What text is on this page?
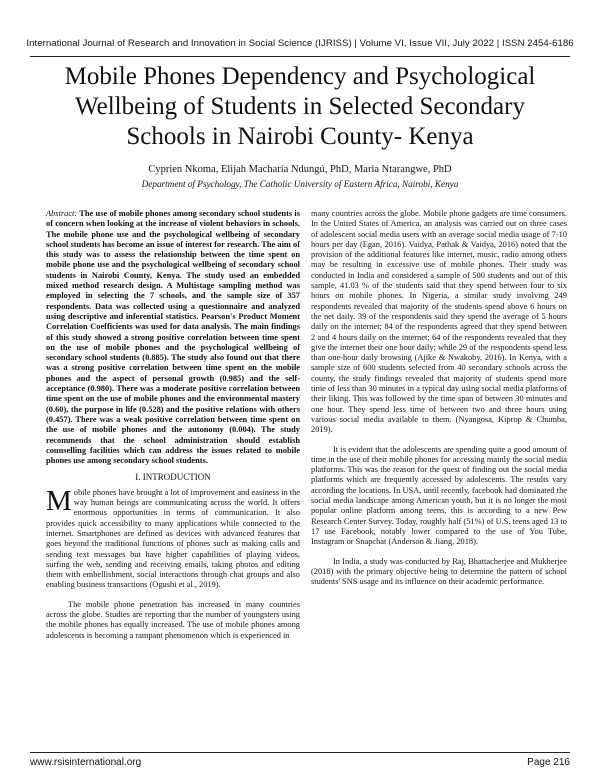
International Journal of Research and Innovation in Social Science (IJRISS) | Volume VI, Issue VII, July 2022 | ISSN 2454-6186
Mobile Phones Dependency and Psychological Wellbeing of Students in Selected Secondary Schools in Nairobi County- Kenya
Cyprien Nkoma, Elijah Macharia Ndungú, PhD, Maria Ntarangwe, PhD
Department of Psychology, The Catholic University of Eastern Africa, Nairobi, Kenya

Abstract: The use of mobile phones among secondary school students is of concern when looking at the increase of violent behaviors in schools. The mobile phone use and the psychological wellbeing of secondary school students has become an issue of interest for research. The aim of this study was to assess the relationship between the time spent on mobile phone use and the psychological wellbeing of secondary school students in Nairobi County, Kenya. The study used an embedded mixed method research design. A Multistage sampling method was employed in selecting the 7 schools, and the sample size of 357 respondents. Data was collected using a questionnaire and analyzed using descriptive and inferential statistics. Pearson's Product Moment Correlation Coefficients was used for data analysis. The main findings of this study showed a strong positive correlation between time spent on the use of mobile phones and the psychological wellbeing of secondary school students (0.885). The study also found out that there was a strong positive correlation between time spent on the mobile phones and the aspect of personal growth (0.985) and the self-acceptance (0.980). There was a moderate positive correlation between time spent on the use of mobile phones and the environmental mastery (0.60), the purpose in life (0.528) and the positive relations with others (0.457). There was a weak positive correlation between time spent on the use of mobile phones and the autonomy (0.004). The study recommends that the school administration should establish counselling facilities which can address the issues related to mobile phones use among secondary school students.

I. INTRODUCTION

Mobile phones have brought a lot of improvement and easiness in the way human beings are communicating across the world. It offers enormous opportunities in terms of communication. It also provides quick accessibility to many applications while connected to the internet. Smartphones are defined as devices with advanced features that goes beyond the traditional functions of phones such as making calls and sending text messages but have higher capabilities of playing videos, surfing the web, sending and receiving emails, taking photos and editing them with embellishment, social interactions through chat groups and also enabling business transactions (Ogushi et al., 2019).

The mobile phone penetration has increased in many countries across the globe. Studies are reporting that the number of youngsters using the mobile phones has equally increased. The use of mobile phones among adolescents is becoming a rampant phenomenon which is experienced in

many countries across the globe. Mobile phone gadgets are time consumers. In the United States of America, an analysis was carried out on three cases of adolescent social media users with an average social media usage of 7-10 hours per day (Egan, 2016). Vaidya, Pathak & Vaidya, 2016) noted that the provision of the additional features like internet, music, radio among others may be resulting in excessive use of mobile phones. Their study was conducted in India and considered a sample of 500 students and out of this sample, 41.03 % of the students said that they spend between four to six hours on mobile phones. In Nigeria, a similar study involving 249 respondents revealed that majority of the students spend above 6 hours on the net daily. 39 of the respondents said they spend the average of 5 hours daily on the internet; 84 of the respondents agreed that they spend between 2 and 4 hours daily on the internet; 64 of the respondents revealed that they give the internet their one hour daily; while 29 of the respondents spend less than one-hour daily browsing (Ajike & Nwakoby, 2016). In Kenya, with a sample size of 600 students selected from 40 secondary schools across the county, the study findings revealed that majority of students spend more time of less than 30 minutes in a typical day using social media platforms of their liking. This was followed by the time span of between 30 minutes and one hour. They spend less time of between two and three hours using various social media available to them. (Nyangosa, Kiprop & Chumba, 2019).

It is evident that the adolescents are spending quite a good amount of time in the use of their mobile phones for accessing mainly the social media platforms. This was the reason for the quest of finding out the social media platforms which are frequently accessed by adolescents. The results vary according the locations. In USA, until recently, facebook had dominated the social media landscape among American youth, but it is no longer the most popular online platform among teens, this is according to a new Pew Research Center Survey. Today, roughly half (51%) of U.S. teens aged 13 to 17 use Facebook, notably lower compared to the use of You Tube, Instagram or Snapchat (Anderson & Jiang, 2018).

In India, a study was conducted by Raj, Bhattacherjee and Mukherjee (2018) with the primary objective being to determine the pattern of school students' SNS usage and its influence on their academic performance.

www.rsisinternational.org	Page 216
